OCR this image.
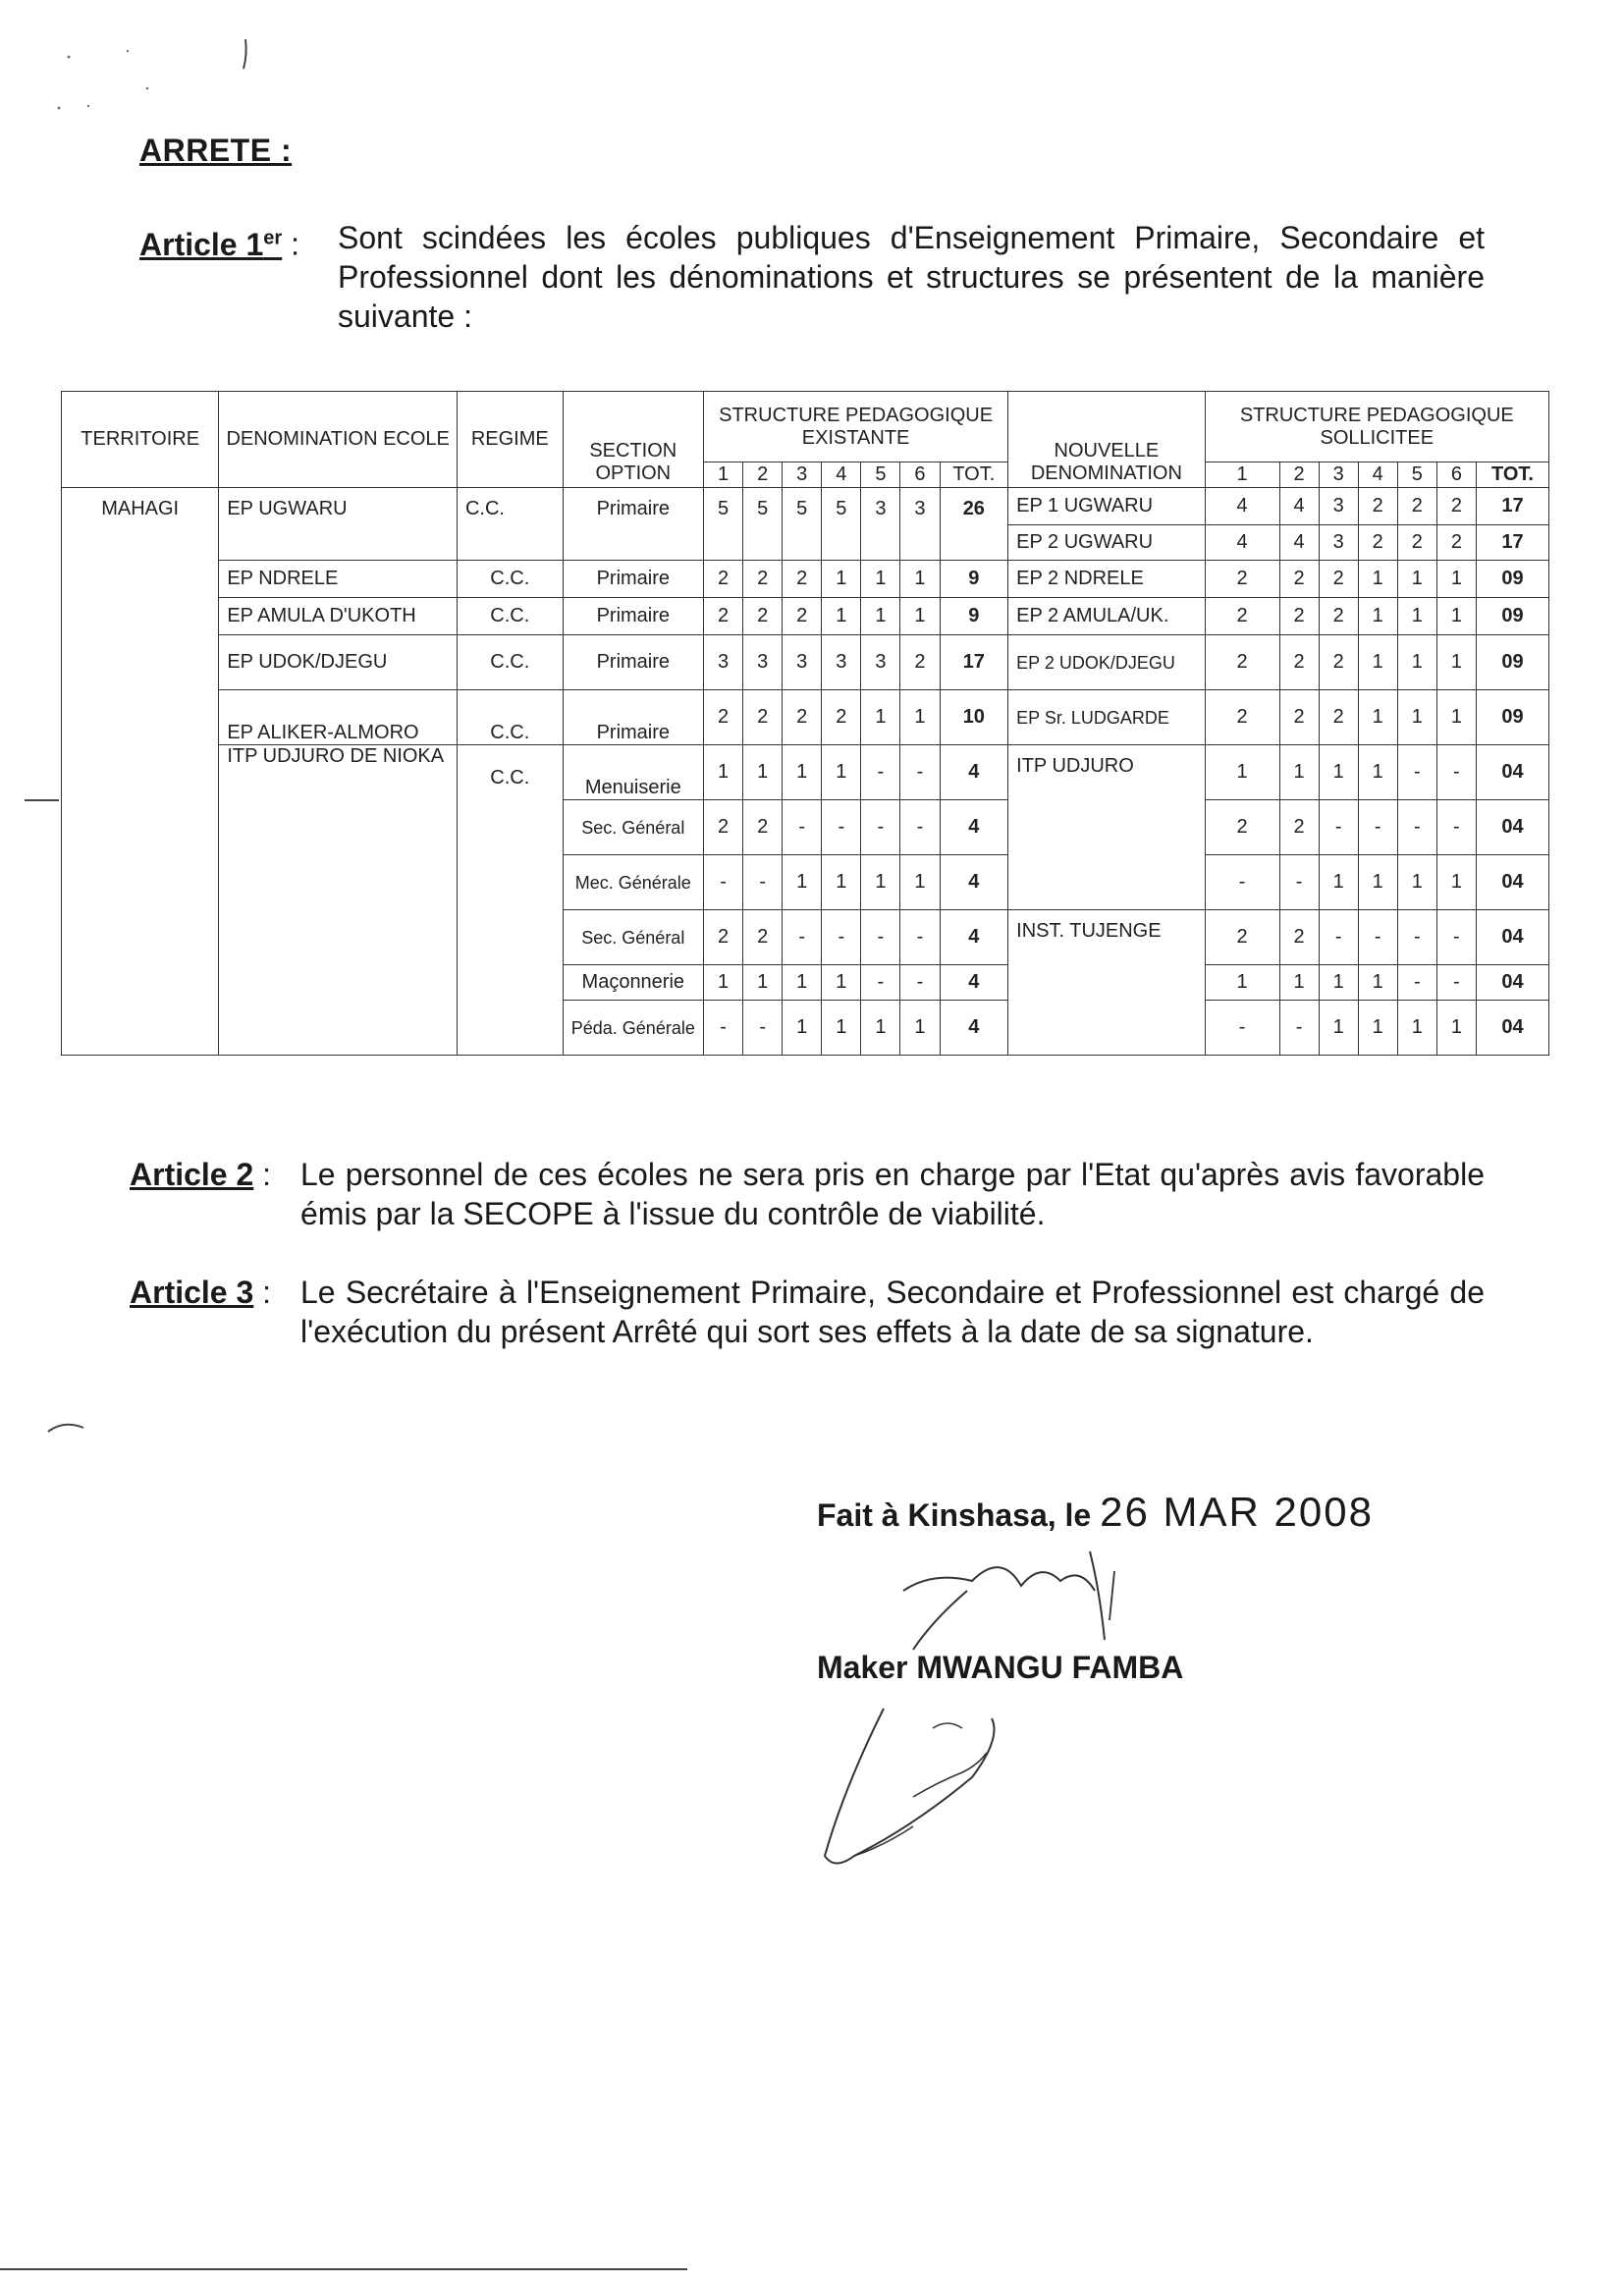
ARRETE :
Article 1er : Sont scindées les écoles publiques d'Enseignement Primaire, Secondaire et Professionnel dont les dénominations et structures se présentent de la manière suivante :
TERRITOIRE	DENOMINATION ECOLE	REGIME	SECTION OPTION	STRUCTURE PEDAGOGIQUE EXISTANTE							NOUVELLE DENOMINATION	STRUCTURE PEDAGOGIQUE SOLLICITEE						
				1	2	3	4	5	6	TOT.		1	2	3	4	5	6	TOT.
MAHAGI	EP UGWARU	C.C.	Primaire	5	5	5	5	3	3	26	EP 1 UGWARU	4	4	3	2	2	2	17
											EP 2 UGWARU	4	4	3	2	2	2	17
	EP NDRELE	C.C.	Primaire	2	2	2	1	1	1	9	EP 2 NDRELE	2	2	2	1	1	1	09
	EP AMULA D'UKOTH	C.C.	Primaire	2	2	2	1	1	1	9	EP 2 AMULA/UK.	2	2	2	1	1	1	09
	EP UDOK/DJEGU	C.C.	Primaire	3	3	3	3	3	2	17	EP 2 UDOK/DJEGU	2	2	2	1	1	1	09
	EP ALIKER-ALMORO	C.C.	Primaire	2	2	2	2	1	1	10	EP Sr. LUDGARDE	2	2	2	1	1	1	09
	ITP UDJURO DE NIOKA	C.C.	Menuiserie	1	1	1	1	-	-	4	ITP UDJURO	1	1	1	1	-	-	04
			Sec. Général	2	2	-	-	-	-	4		2	2	-	-	-	-	04
			Mec. Générale	-	-	1	1	1	1	4		-	-	1	1	1	1	04
			Sec. Général	2	2	-	-	-	-	4	INST. TUJENGE	2	2	-	-	-	-	04
			Maçonnerie	1	1	1	1	-	-	4		1	1	1	1	-	-	04
			Péda. Générale	-	-	1	1	1	1	4		-	-	1	1	1	1	04
Article 2 : Le personnel de ces écoles ne sera pris en charge par l'Etat qu'après avis favorable émis par la SECOPE à l'issue du contrôle de viabilité.
Article 3 : Le Secrétaire à l'Enseignement Primaire, Secondaire et Professionnel est chargé de l'exécution du présent Arrêté qui sort ses effets à la date de sa signature.
Fait à Kinshasa, le 26 MAR 2008
Maker MWANGU FAMBA
